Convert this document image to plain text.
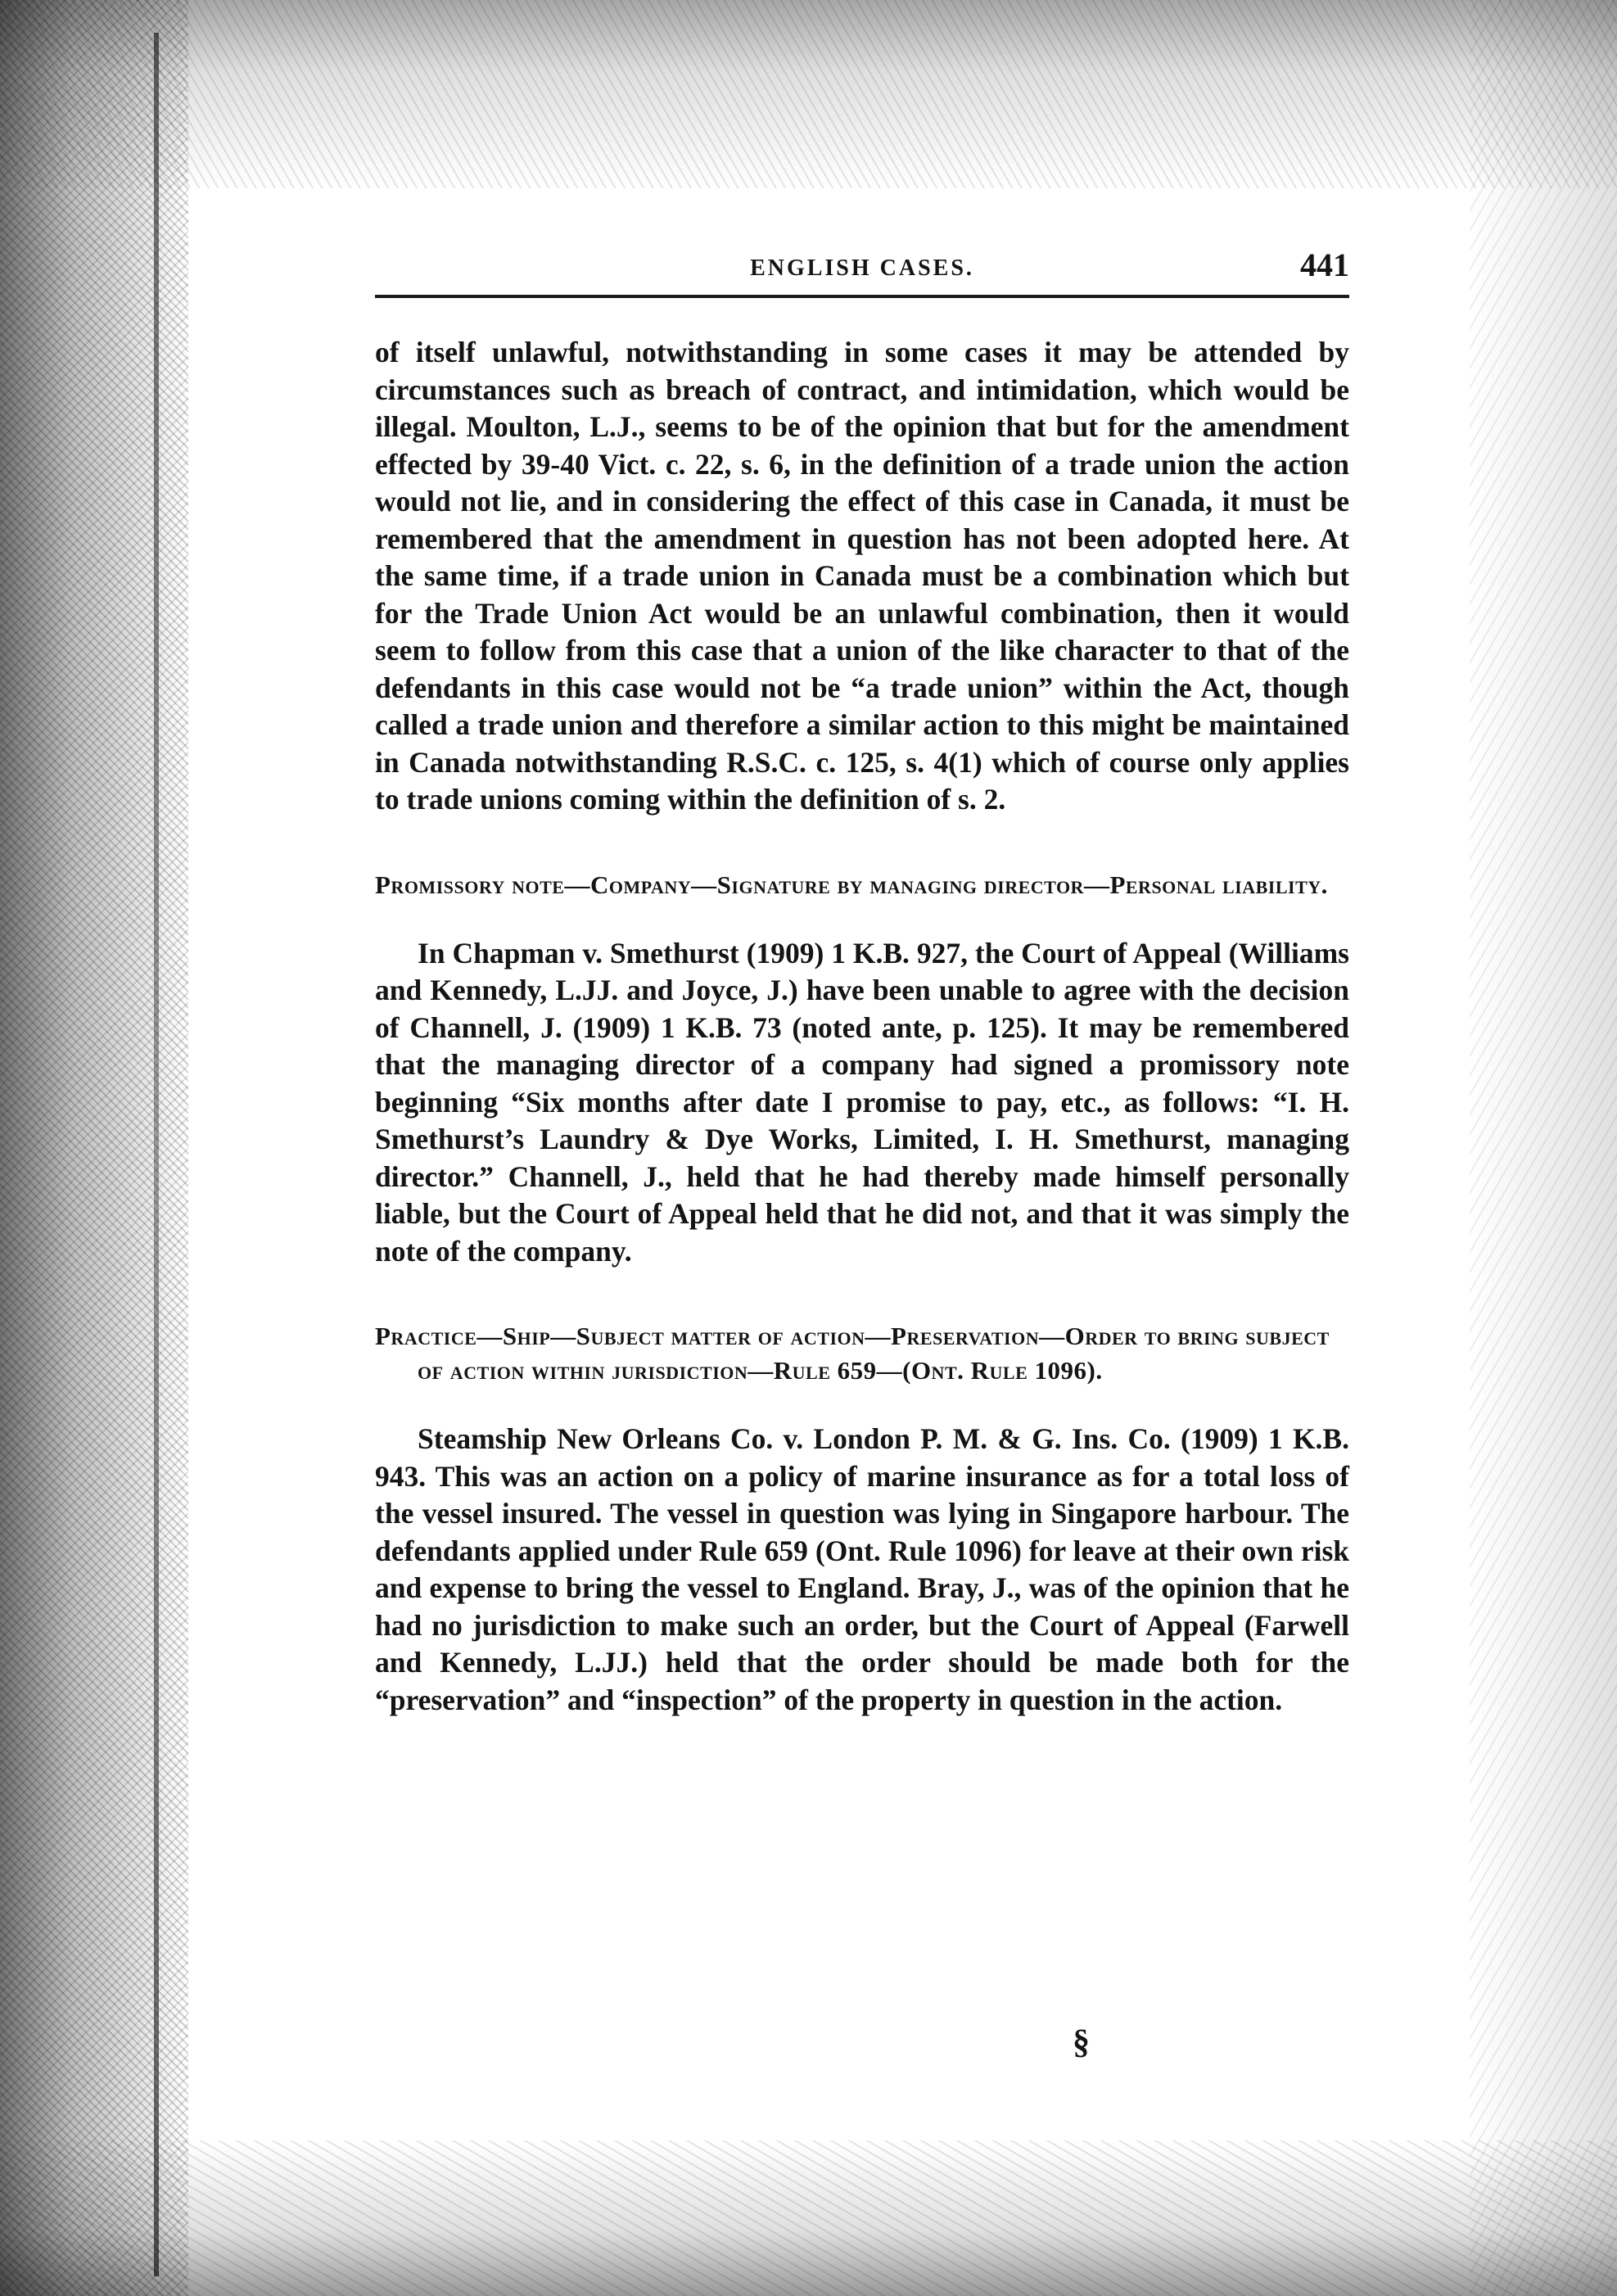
ENGLISH CASES.	441

of itself unlawful, notwithstanding in some cases it may be attended by circumstances such as breach of contract, and intimidation, which would be illegal. Moulton, L.J., seems to be of the opinion that but for the amendment effected by 39-40 Vict. c. 22, s. 6, in the definition of a trade union the action would not lie, and in considering the effect of this case in Canada, it must be remembered that the amendment in question has not been adopted here. At the same time, if a trade union in Canada must be a combination which but for the Trade Union Act would be an unlawful combination, then it would seem to follow from this case that a union of the like character to that of the defendants in this case would not be “a trade union” within the Act, though called a trade union and therefore a similar action to this might be maintained in Canada notwithstanding R.S.C. c. 125, s. 4(1) which of course only applies to trade unions coming within the definition of s. 2.

Promissory note—Company—Signature by managing director—Personal liability.

In Chapman v. Smethurst (1909) 1 K.B. 927, the Court of Appeal (Williams and Kennedy, L.JJ. and Joyce, J.) have been unable to agree with the decision of Channell, J. (1909) 1 K.B. 73 (noted ante, p. 125). It may be remembered that the managing director of a company had signed a promissory note beginning “Six months after date I promise to pay, etc., as follows: “I. H. Smethurst’s Laundry & Dye Works, Limited, I. H. Smethurst, managing director.” Channell, J., held that he had thereby made himself personally liable, but the Court of Appeal held that he did not, and that it was simply the note of the company.

Practice—Ship—Subject matter of action—Preservation—Order to bring subject of action within jurisdiction—Rule 659—(Ont. Rule 1096).

Steamship New Orleans Co. v. London P. M. & G. Ins. Co. (1909) 1 K.B. 943. This was an action on a policy of marine insurance as for a total loss of the vessel insured. The vessel in question was lying in Singapore harbour. The defendants applied under Rule 659 (Ont. Rule 1096) for leave at their own risk and expense to bring the vessel to England. Bray, J., was of the opinion that he had no jurisdiction to make such an order, but the Court of Appeal (Farwell and Kennedy, L.JJ.) held that the order should be made both for the “preservation” and “inspection” of the property in question in the action.

§
